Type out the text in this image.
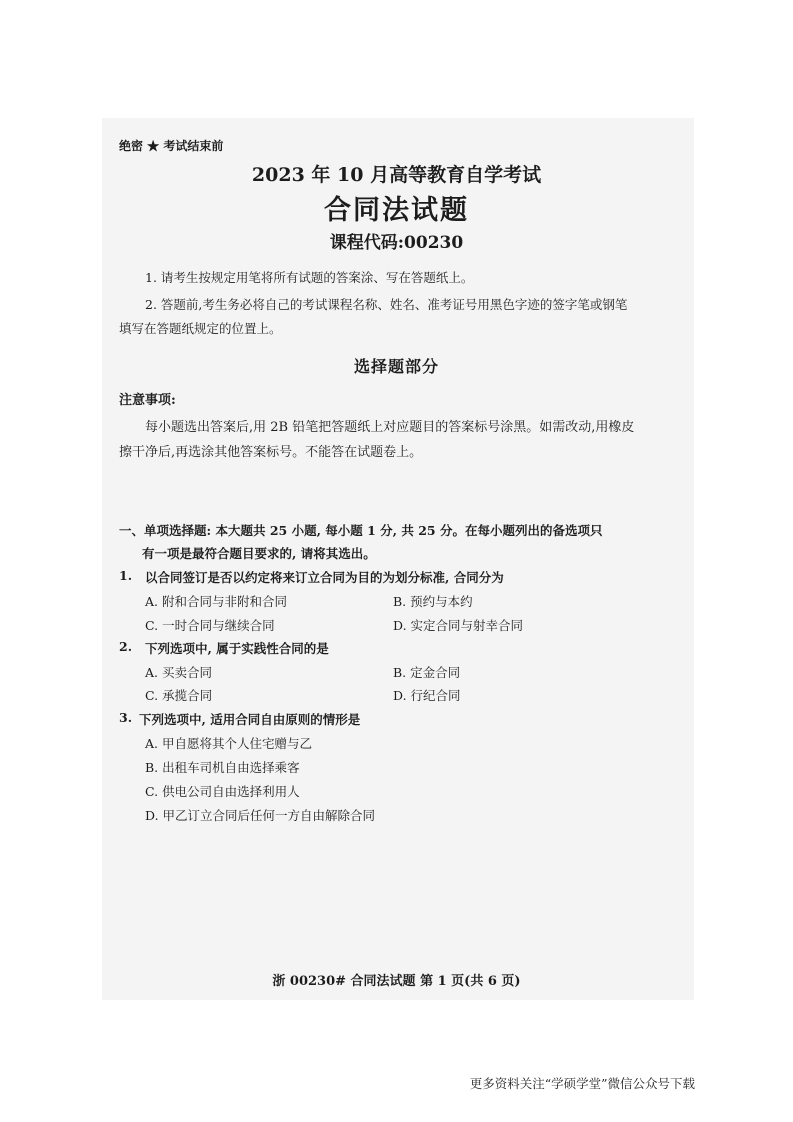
绝密 ★ 考试结束前
2023 年 10 月高等教育自学考试
合同法试题
课程代码:00230
1. 请考生按规定用笔将所有试题的答案涂、写在答题纸上。
2. 答题前,考生务必将自己的考试课程名称、姓名、准考证号用黑色字迹的签字笔或钢笔
填写在答题纸规定的位置上。
选择题部分
注意事项:
每小题选出答案后,用 2B 铅笔把答题纸上对应题目的答案标号涂黑。如需改动,用橡皮
擦干净后,再选涂其他答案标号。不能答在试题卷上。
一、单项选择题: 本大题共 25 小题, 每小题 1 分, 共 25 分。在每小题列出的备选项只
有一项是最符合题目要求的, 请将其选出。
1. 以合同签订是否以约定将来订立合同为目的为划分标准, 合同分为
A. 附和合同与非附和合同	B. 预约与本约
C. 一时合同与继续合同	D. 实定合同与射幸合同
2. 下列选项中, 属于实践性合同的是
A. 买卖合同	B. 定金合同
C. 承揽合同	D. 行纪合同
3. 下列选项中, 适用合同自由原则的情形是
A. 甲自愿将其个人住宅赠与乙
B. 出租车司机自由选择乘客
C. 供电公司自由选择利用人
D. 甲乙订立合同后任何一方自由解除合同
浙 00230# 合同法试题 第 1 页(共 6 页)
更多资料关注“学硕学堂”微信公众号下载
